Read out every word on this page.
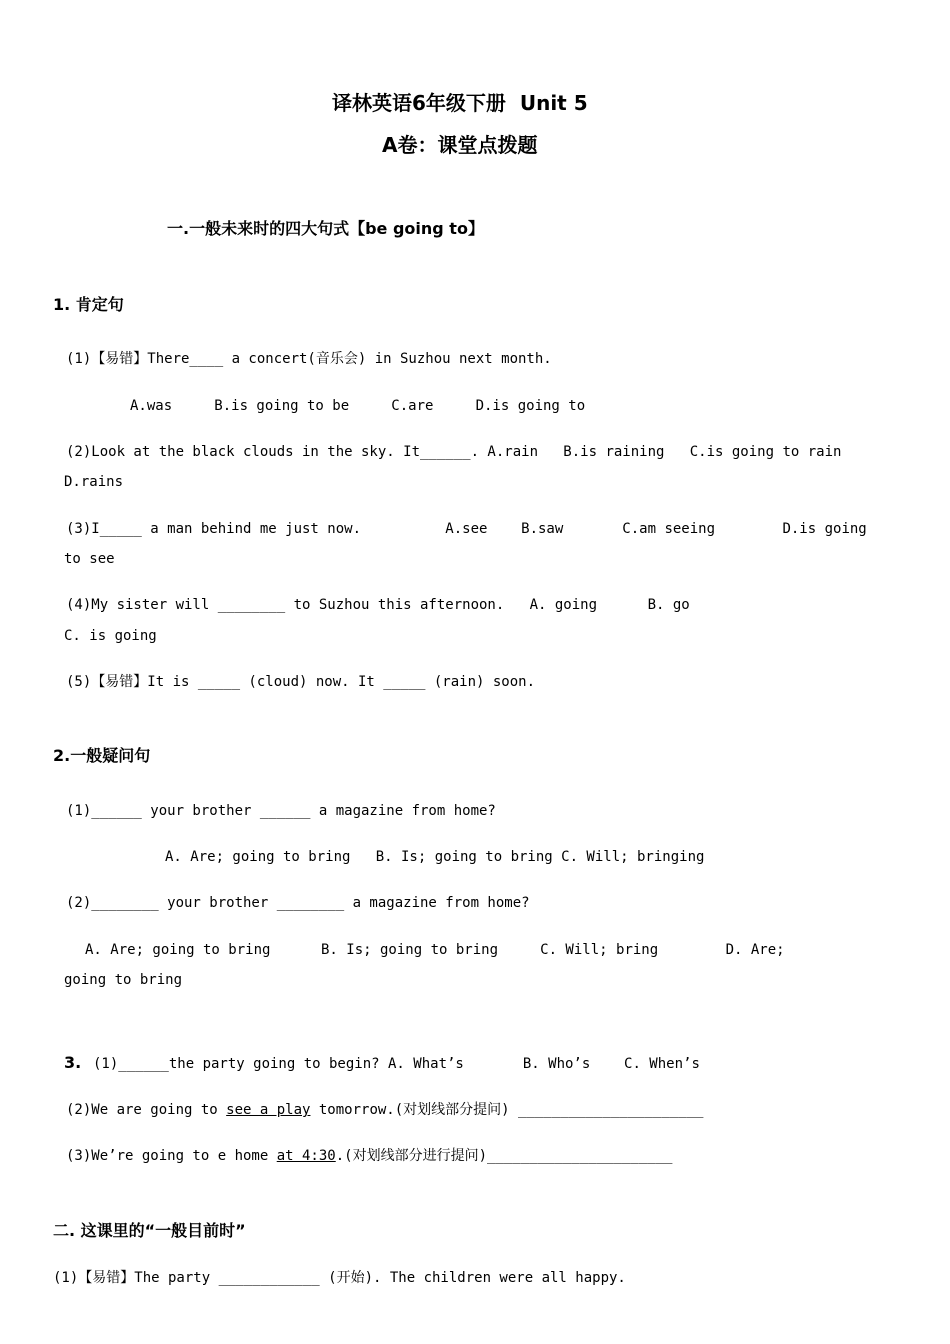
译林英语6年级下册  Unit 5
A卷：课堂点拨题
一.一般未来时的四大句式【be going to】
1. 肯定句
(1)【易错】There____ a concert(音乐会) in Suzhou next month.
A.was     B.is going to be     C.are     D.is going to
(2)Look at the black clouds in the sky. It______. A.rain   B.is raining   C.is going to rain
D.rains
(3)I_____ a man behind me just now.          A.see    B.saw       C.am seeing        D.is going
to see
(4)My sister will ________ to Suzhou this afternoon.   A. going      B. go
C. is going
(5)【易错】It is _____ (cloud) now. It _____ (rain) soon.
2.一般疑问句
(1)______ your brother ______ a magazine from home?
A. Are; going to bring   B. Is; going to bring C. Will; bringing
(2)________ your brother ________ a magazine from home?
A. Are; going to bring      B. Is; going to bring     C. Will; bring        D. Are;
going to bring
3. (1)______the party going to begin? A. What’s       B. Who’s    C. When’s
(2)We are going to see a play tomorrow.(对划线部分提问) ______________________
(3)We’re going to e home at 4:30.(对划线部分进行提问)______________________
二. 这课里的“一般目前时”
(1)【易错】The party ____________ (开始). The children were all happy.
